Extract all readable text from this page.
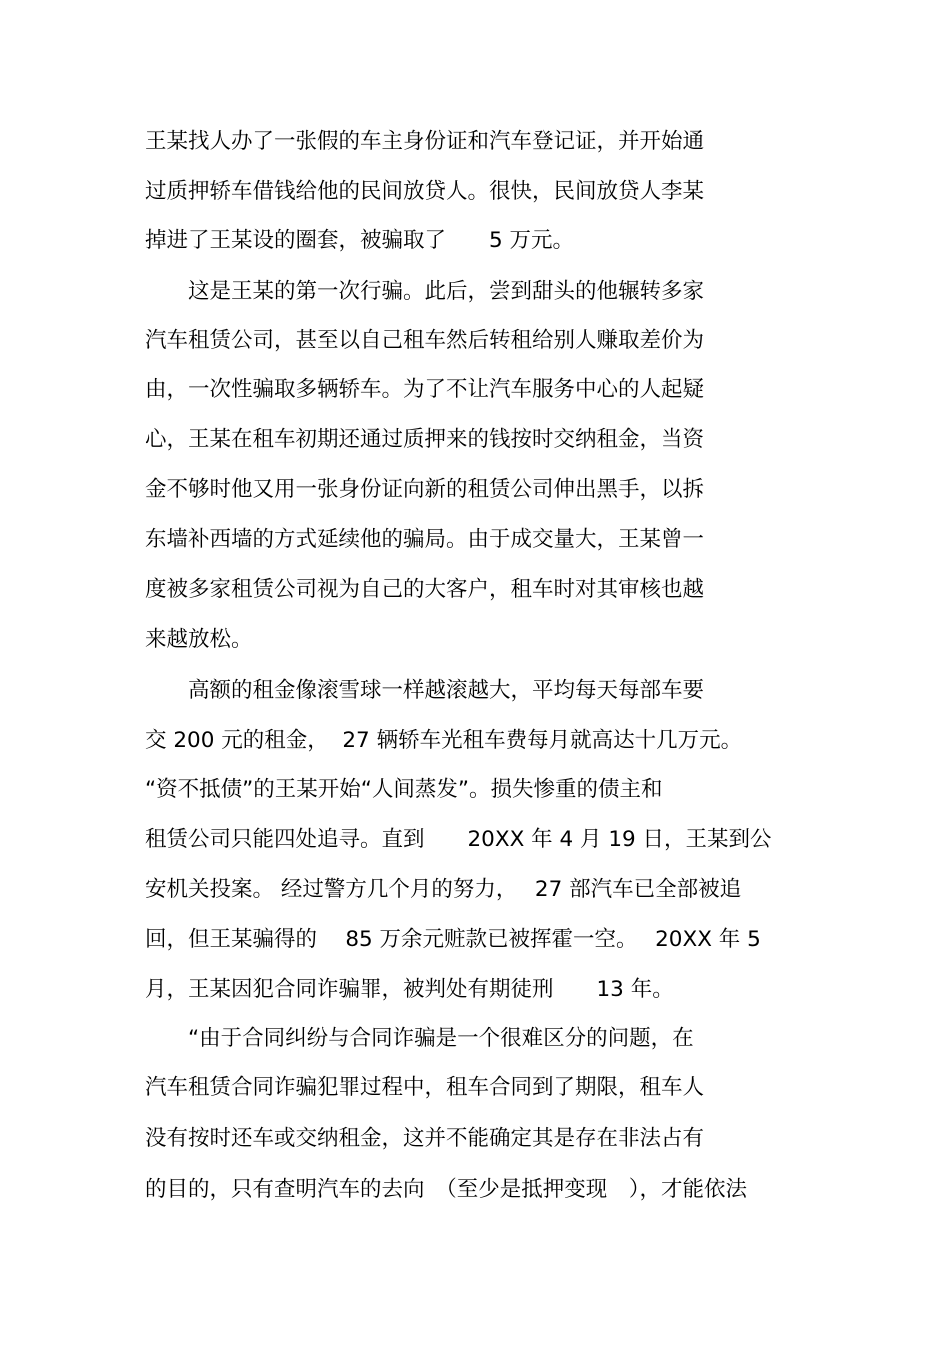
王某找人办了一张假的车主身份证和汽车登记证，并开始通
过质押轿车借钱给他的民间放贷人。很快，民间放贷人李某
掉进了王某设的圈套，被骗取了　　5 万元。
　　这是王某的第一次行骗。此后，尝到甜头的他辗转多家
汽车租赁公司，甚至以自己租车然后转租给别人赚取差价为
由，一次性骗取多辆轿车。为了不让汽车服务中心的人起疑
心，王某在租车初期还通过质押来的钱按时交纳租金，当资
金不够时他又用一张身份证向新的租赁公司伸出黑手，以拆
东墙补西墙的方式延续他的骗局。由于成交量大，王某曾一
度被多家租赁公司视为自己的大客户，租车时对其审核也越
来越放松。
　　高额的租金像滚雪球一样越滚越大，平均每天每部车要
交 200 元的租金，  27 辆轿车光租车费每月就高达十几万元。
“资不抵债”的王某开始“人间蒸发”。损失惨重的债主和
租赁公司只能四处追寻。直到　　20XX 年 4 月 19 日，王某到公
安机关投案。 经过警方几个月的努力，　 27 部汽车已全部被追
回，但王某骗得的　 85 万余元赃款已被挥霍一空。　 20XX 年 5
月，王某因犯合同诈骗罪，被判处有期徒刑　　13 年。
　　“由于合同纠纷与合同诈骗是一个很难区分的问题，在
汽车租赁合同诈骗犯罪过程中，租车合同到了期限，租车人
没有按时还车或交纳租金，这并不能确定其是存在非法占有
的目的，只有查明汽车的去向　（至少是抵押变现　），才能依法
